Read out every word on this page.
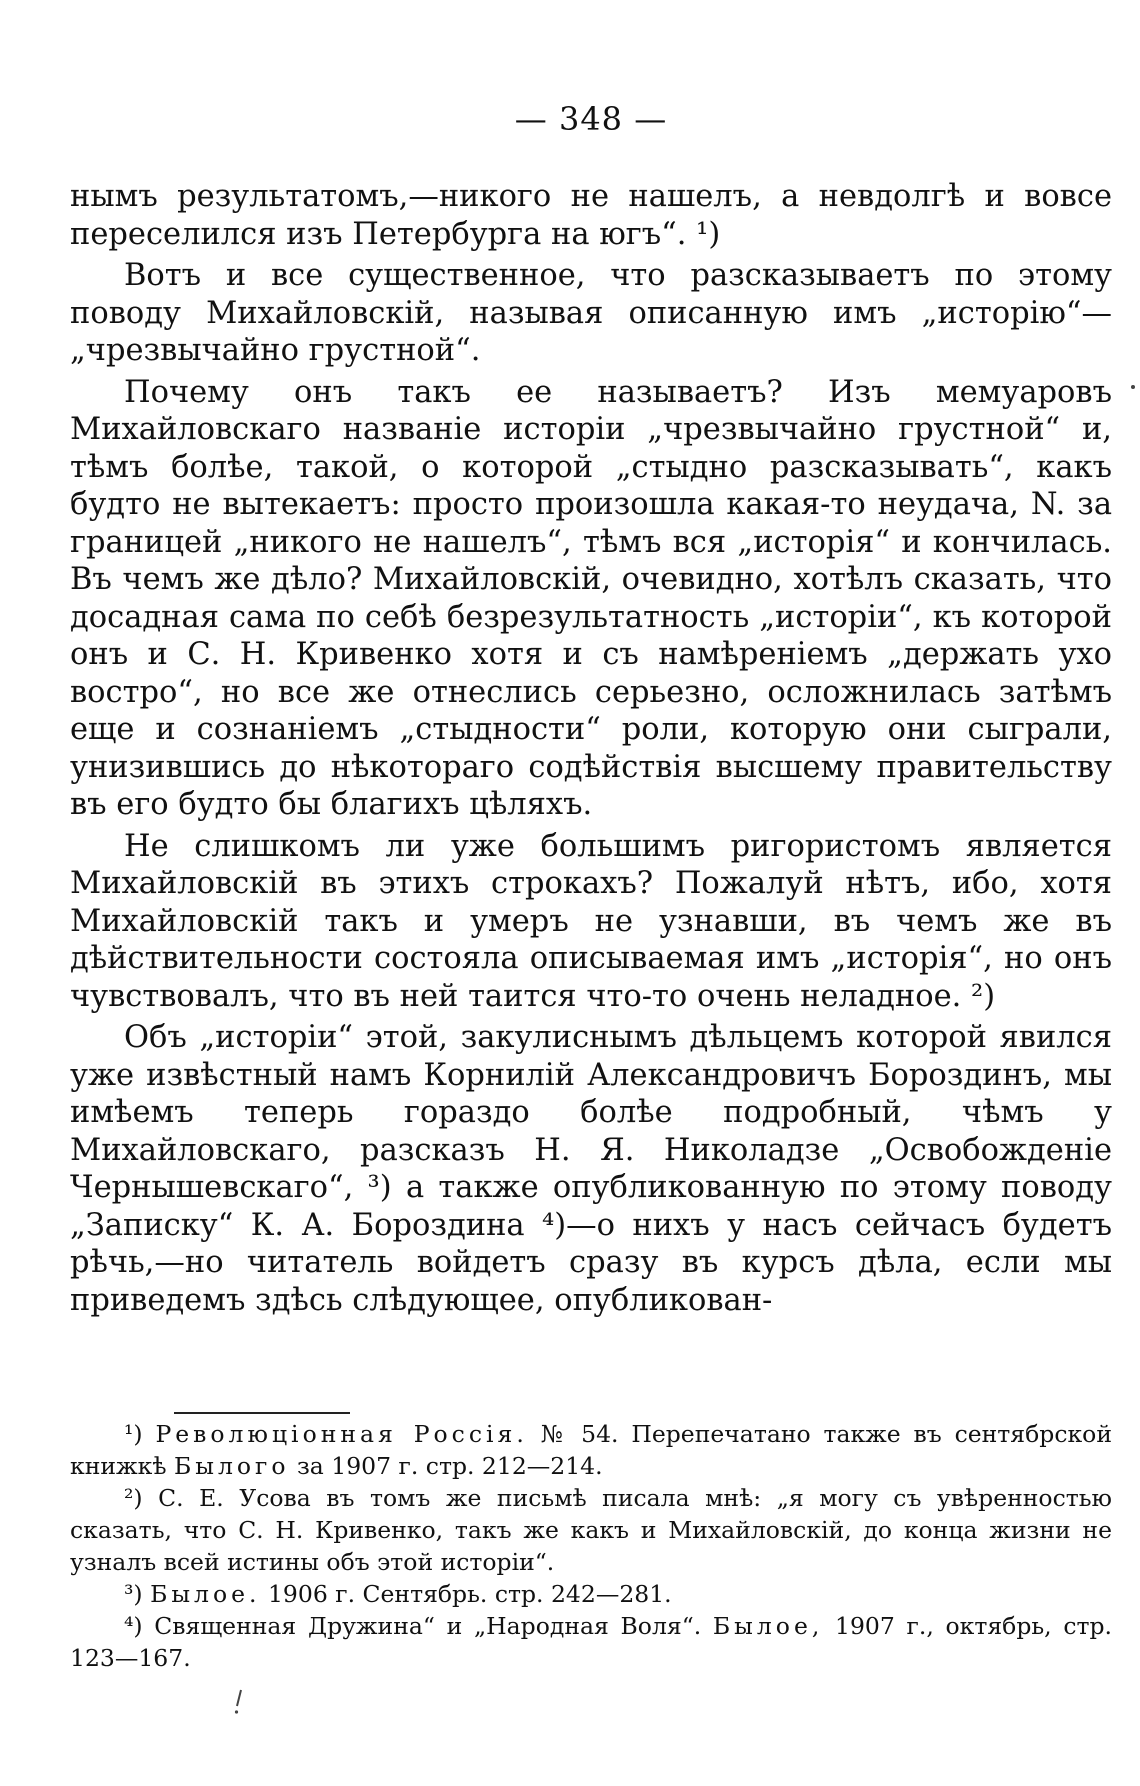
— 348 —

нымъ результатомъ,—никого не нашелъ, а невдолгѣ и вовсе переселился изъ Петербурга на югъ“. ¹)

Вотъ и все существенное, что разсказываетъ по этому поводу Михайловскій, называя описанную имъ „исторію“— „чрезвычайно грустной“.

Почему онъ такъ ее называетъ? Изъ мемуаровъ Михайловскаго названіе исторіи „чрезвычайно грустной“ и, тѣмъ болѣе, такой, о которой „стыдно разсказывать“, какъ будто не вытекаетъ: просто произошла какая-то неудача, N. за границей „никого не нашелъ“, тѣмъ вся „исторія“ и кончилась. Въ чемъ же дѣло? Михайловскій, очевидно, хотѣлъ сказать, что досадная сама по себѣ безрезультатность „исторіи“, къ которой онъ и С. Н. Кривенко хотя и съ намѣреніемъ „держать ухо востро“, но все же отнеслись серьезно, осложнилась затѣмъ еще и сознаніемъ „стыдности“ роли, которую они сыграли, унизившись до нѣкотораго содѣйствія высшему правительству въ его будто бы благихъ цѣляхъ.

Не слишкомъ ли уже большимъ ригористомъ является Михайловскій въ этихъ строкахъ? Пожалуй нѣтъ, ибо, хотя Михайловскій такъ и умеръ не узнавши, въ чемъ же въ дѣйствительности состояла описываемая имъ „исторія“, но онъ чувствовалъ, что въ ней таится что-то очень неладное. ²)

Объ „исторіи“ этой, закулиснымъ дѣльцемъ которой явился уже извѣстный намъ Корнилій Александровичъ Бороздинъ, мы имѣемъ теперь гораздо болѣе подробный, чѣмъ у Михайловскаго, разсказъ Н. Я. Николадзе „Освобожденіе Чернышевскаго“, ³) а также опубликованную по этому поводу „Записку“ К. А. Бороздина ⁴)—о нихъ у насъ сейчасъ будетъ рѣчь,—но читатель войдетъ сразу въ курсъ дѣла, если мы приведемъ здѣсь слѣдующее, опубликован-

¹) Революціонная Россія. № 54. Перепечатано также въ сентябрской книжкѣ Былого за 1907 г. стр. 212—214.

²) С. Е. Усова въ томъ же письмѣ писала мнѣ: „я могу съ увѣренностью сказать, что С. Н. Кривенко, такъ же какъ и Михайловскій, до конца жизни не узналъ всей истины объ этой исторіи“.

³) Былое. 1906 г. Сентябрь. стр. 242—281.

⁴) Священная Дружина“ и „Народная Воля“. Былое, 1907 г., октябрь, стр. 123—167.
